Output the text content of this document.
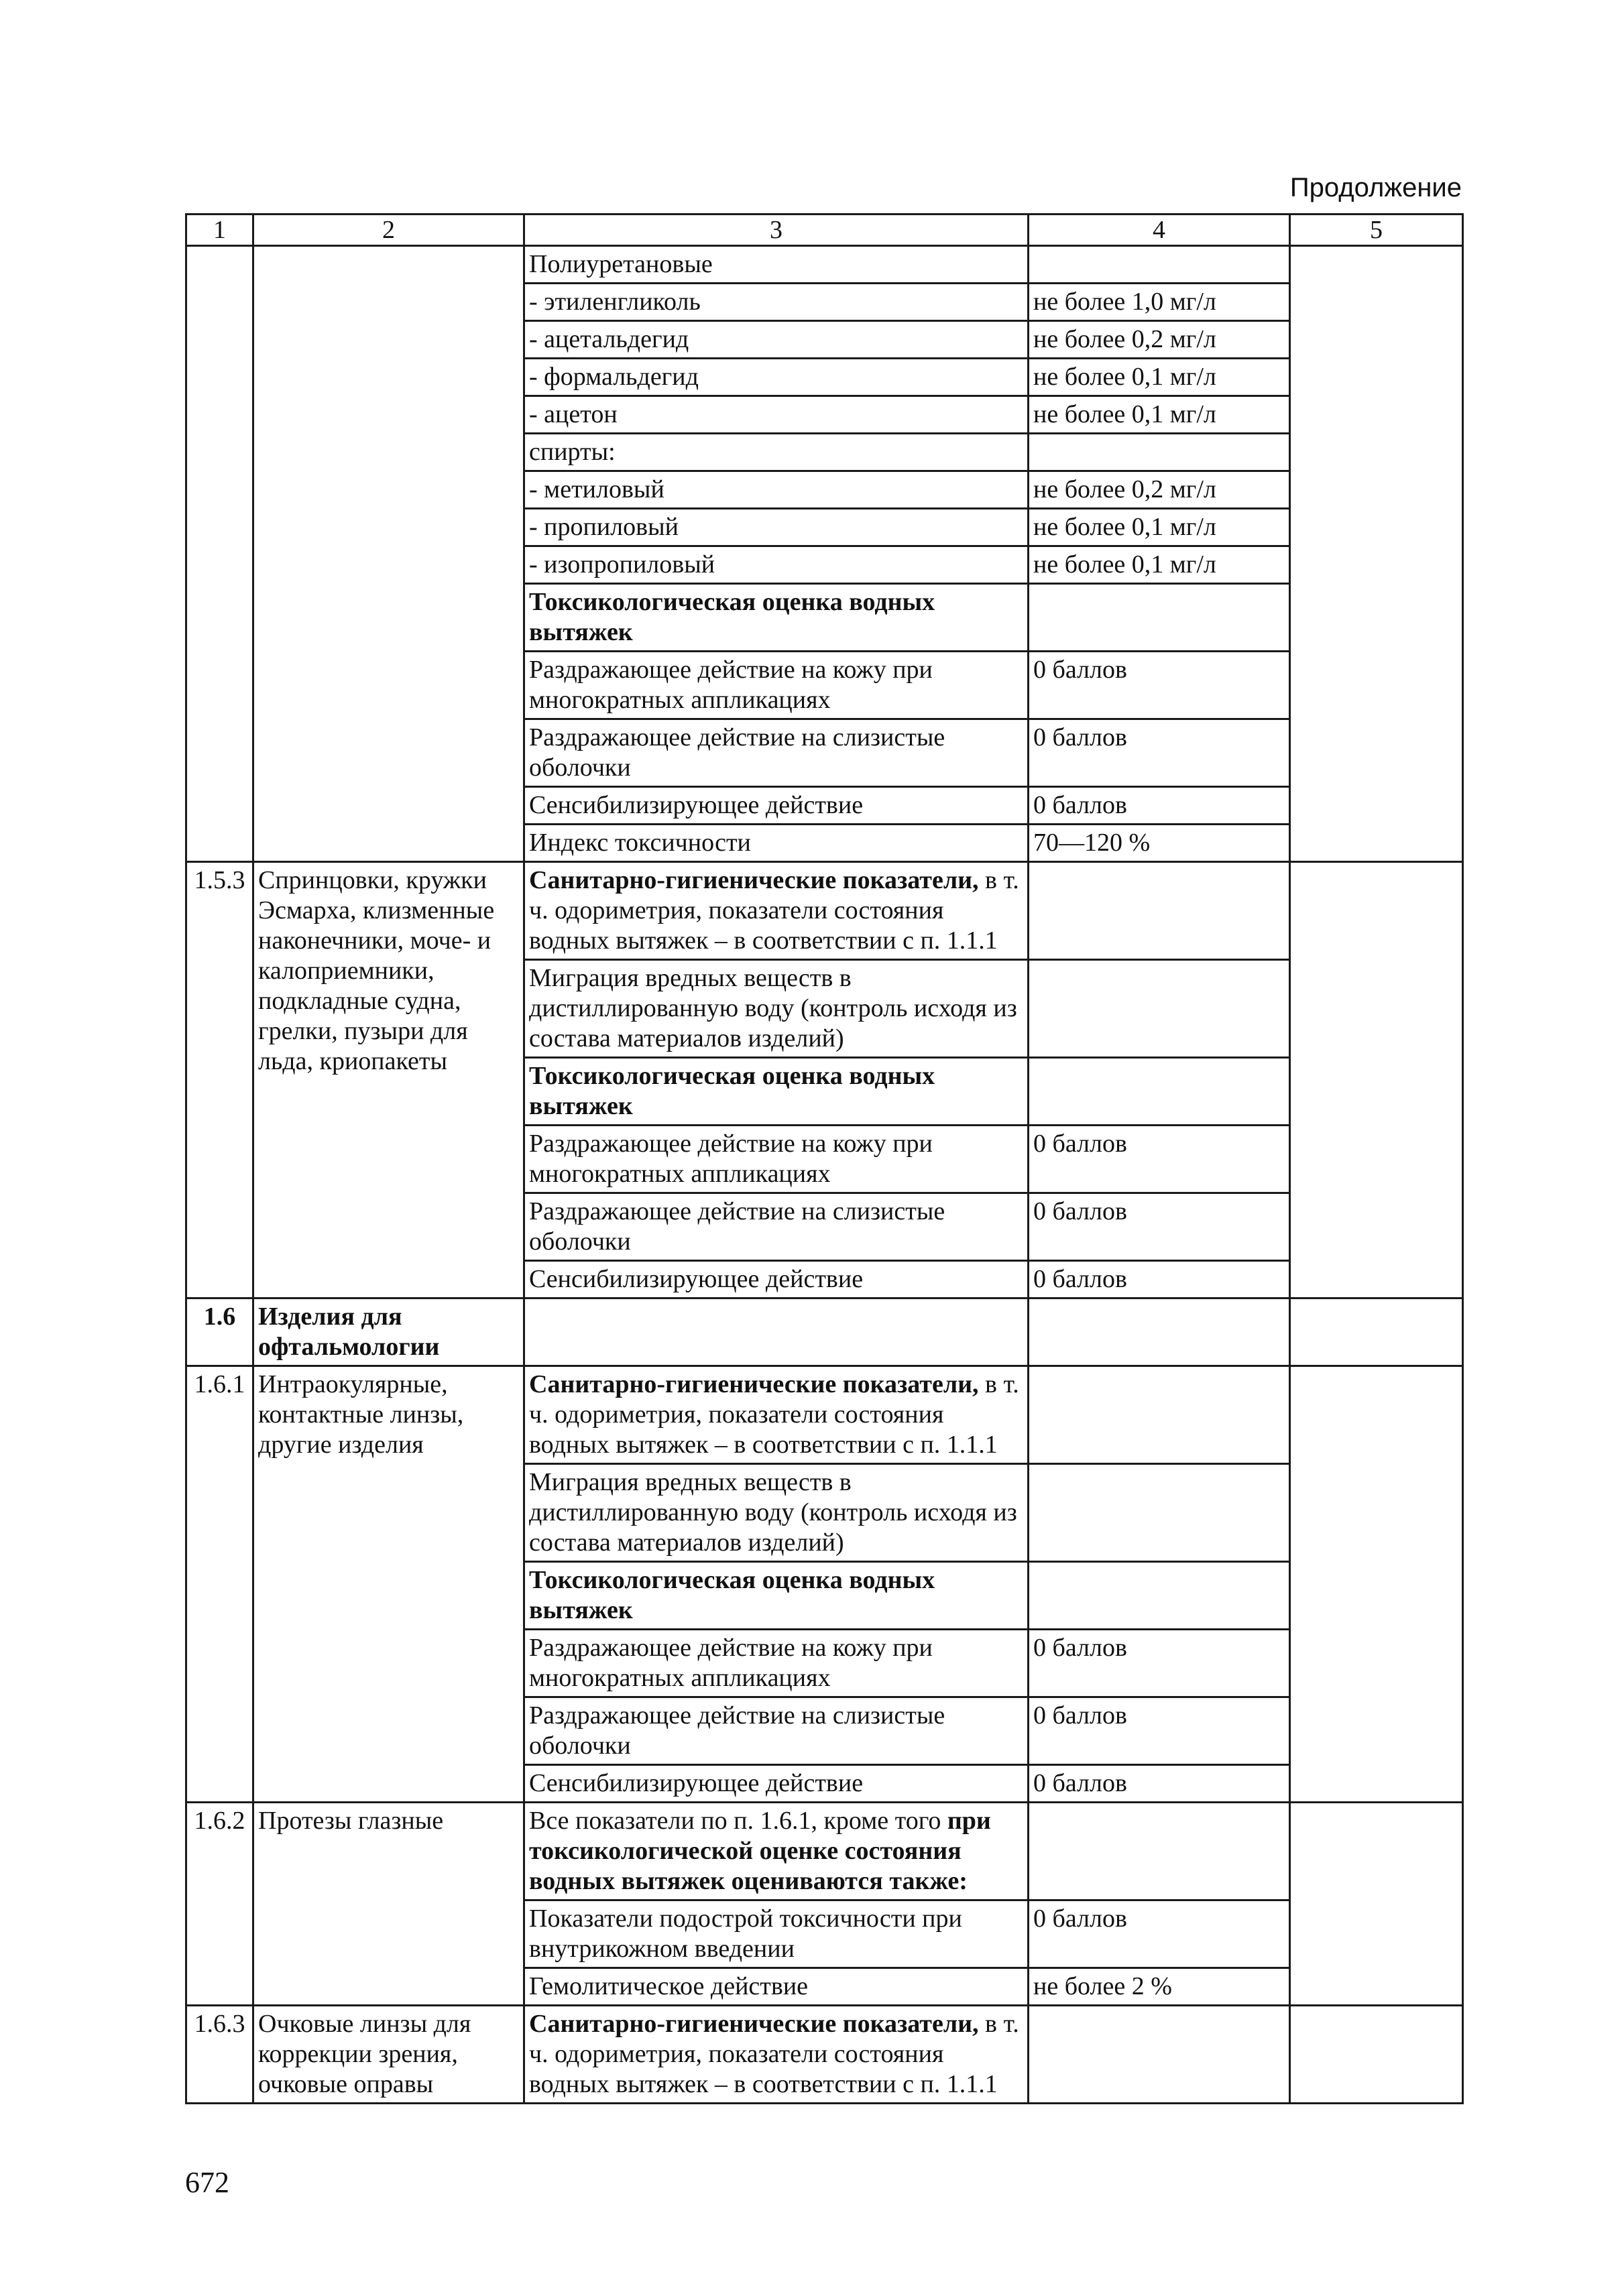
Продолжение
1	2	3	4	5
		Полиуретановые		
		- этиленгликоль	не более 1,0 мг/л	
		- ацетальдегид	не более 0,2 мг/л	
		- формальдегид	не более 0,1 мг/л	
		- ацетон	не более 0,1 мг/л	
		спирты:		
		- метиловый	не более 0,2 мг/л	
		- пропиловый	не более 0,1 мг/л	
		- изопропиловый	не более 0,1 мг/л	
		Токсикологическая оценка водных вытяжек		
		Раздражающее действие на кожу при многократных аппликациях	0 баллов	
		Раздражающее действие на слизистые оболочки	0 баллов	
		Сенсибилизирующее действие	0 баллов	
		Индекс токсичности	70—120 %	
1.5.3	Спринцовки, кружки Эсмарха, клизменные наконечники, моче- и калоприемники, подкладные судна, грелки, пузыри для льда, криопакеты	Санитарно-гигиенические показатели, в т. ч. одориметрия, показатели состояния водных вытяжек – в соответствии с п. 1.1.1		
		Миграция вредных веществ в дистиллированную воду (контроль исходя из состава материалов изделий)		
		Токсикологическая оценка водных вытяжек		
		Раздражающее действие на кожу при многократных аппликациях	0 баллов	
		Раздражающее действие на слизистые оболочки	0 баллов	
		Сенсибилизирующее действие	0 баллов	
1.6	Изделия для офтальмологии			
1.6.1	Интраокулярные, контактные линзы, другие изделия	Санитарно-гигиенические показатели, в т. ч. одориметрия, показатели состояния водных вытяжек – в соответствии с п. 1.1.1		
		Миграция вредных веществ в дистиллированную воду (контроль исходя из состава материалов изделий)		
		Токсикологическая оценка водных вытяжек		
		Раздражающее действие на кожу при многократных аппликациях	0 баллов	
		Раздражающее действие на слизистые оболочки	0 баллов	
		Сенсибилизирующее действие	0 баллов	
1.6.2	Протезы глазные	Все показатели по п. 1.6.1, кроме того при токсикологической оценке состояния водных вытяжек оцениваются также:		
		Показатели подострой токсичности при внутрикожном введении	0 баллов	
		Гемолитическое действие	не более 2 %	
1.6.3	Очковые линзы для коррекции зрения, очковые оправы	Санитарно-гигиенические показатели, в т. ч. одориметрия, показатели состояния водных вытяжек – в соответствии с п. 1.1.1		
672
